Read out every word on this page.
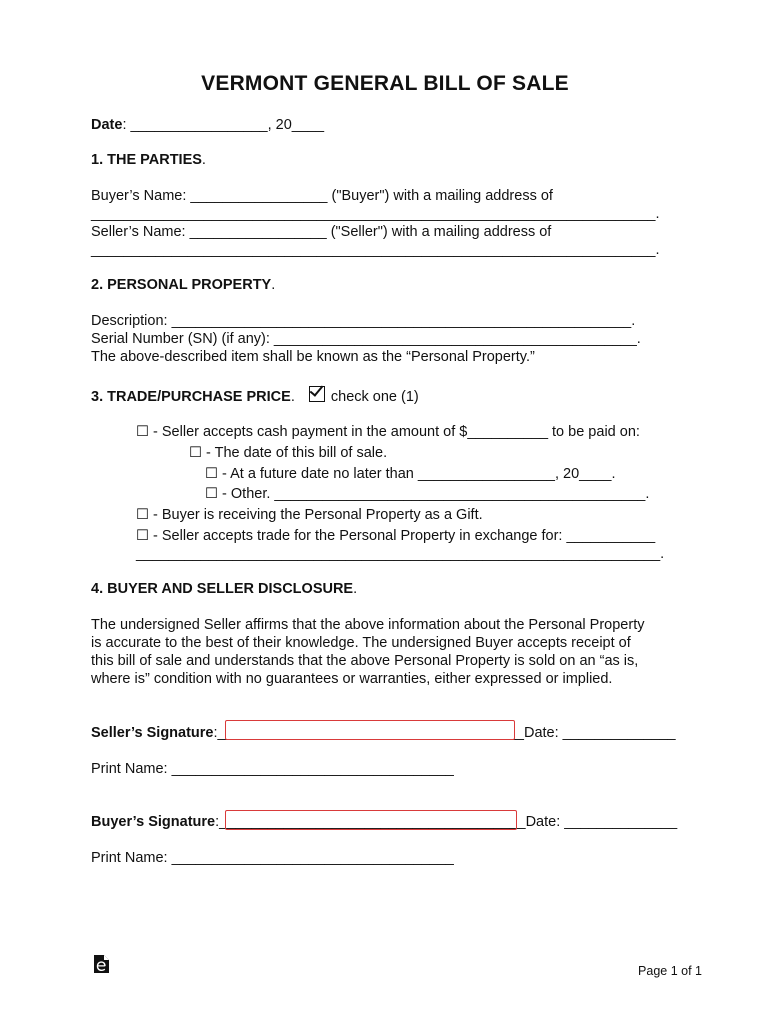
VERMONT GENERAL BILL OF SALE
Date: _________________, 20____
1. THE PARTIES.
Buyer’s Name: _________________ ("Buyer") with a mailing address of
______________________________________________________________________.
Seller’s Name: _________________ ("Seller") with a mailing address of
______________________________________________________________________.
2. PERSONAL PROPERTY.
Description: _________________________________________________________.
Serial Number (SN) (if any): _____________________________________________.
The above-described item shall be known as the “Personal Property.”
3. TRADE/PURCHASE PRICE. check one (1)
☐ - Seller accepts cash payment in the amount of $__________ to be paid on:
☐ - The date of this bill of sale.
☐ - At a future date no later than _________________, 20____.
☐ - Other. ______________________________________________.
☐ - Buyer is receiving the Personal Property as a Gift.
☐ - Seller accepts trade for the Personal Property in exchange for: ___________
_________________________________________________________________.
4. BUYER AND SELLER DISCLOSURE.
The undersigned Seller affirms that the above information about the Personal Property
is accurate to the best of their knowledge. The undersigned Buyer accepts receipt of
this bill of sale and understands that the above Personal Property is sold on an “as is,
where is” condition with no guarantees or warranties, either expressed or implied.
Seller’s Signature:______________________________________Date: ______________
Print Name: ___________________________________
Buyer’s Signature:______________________________________Date: ______________
Print Name: ___________________________________
Page 1 of 1
